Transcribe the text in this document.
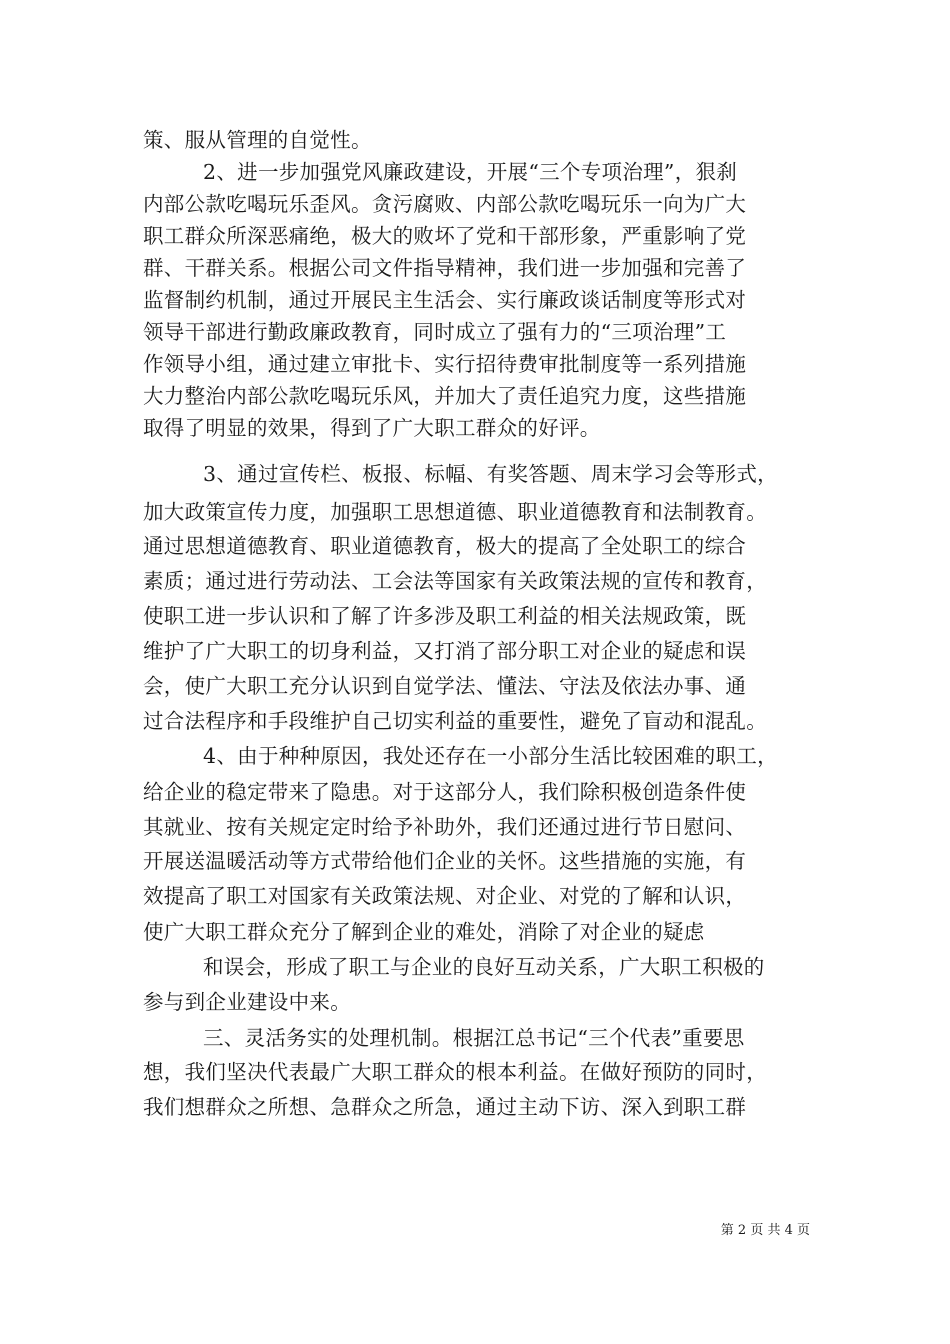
策、服从管理的自觉性。
2、进一步加强党风廉政建设，开展“三个专项治理”，狠刹
内部公款吃喝玩乐歪风。贪污腐败、内部公款吃喝玩乐一向为广大
职工群众所深恶痛绝，极大的败坏了党和干部形象，严重影响了党
群、干群关系。根据公司文件指导精神，我们进一步加强和完善了
监督制约机制，通过开展民主生活会、实行廉政谈话制度等形式对
领导干部进行勤政廉政教育，同时成立了强有力的“三项治理”工
作领导小组，通过建立审批卡、实行招待费审批制度等一系列措施
大力整治内部公款吃喝玩乐风，并加大了责任追究力度，这些措施
取得了明显的效果，得到了广大职工群众的好评。
3、通过宣传栏、板报、标幅、有奖答题、周末学习会等形式，
加大政策宣传力度，加强职工思想道德、职业道德教育和法制教育。
通过思想道德教育、职业道德教育，极大的提高了全处职工的综合
素质；通过进行劳动法、工会法等国家有关政策法规的宣传和教育，
使职工进一步认识和了解了许多涉及职工利益的相关法规政策，既
维护了广大职工的切身利益，又打消了部分职工对企业的疑虑和误
会，使广大职工充分认识到自觉学法、懂法、守法及依法办事、通
过合法程序和手段维护自己切实利益的重要性，避免了盲动和混乱。
4、由于种种原因，我处还存在一小部分生活比较困难的职工，
给企业的稳定带来了隐患。对于这部分人，我们除积极创造条件使
其就业、按有关规定定时给予补助外，我们还通过进行节日慰问、
开展送温暖活动等方式带给他们企业的关怀。这些措施的实施，有
效提高了职工对国家有关政策法规、对企业、对党的了解和认识，
使广大职工群众充分了解到企业的难处，消除了对企业的疑虑
和误会，形成了职工与企业的良好互动关系，广大职工积极的
参与到企业建设中来。
三、灵活务实的处理机制。根据江总书记“三个代表”重要思
想，我们坚决代表最广大职工群众的根本利益。在做好预防的同时，
我们想群众之所想、急群众之所急，通过主动下访、深入到职工群
第 2 页 共 4 页
